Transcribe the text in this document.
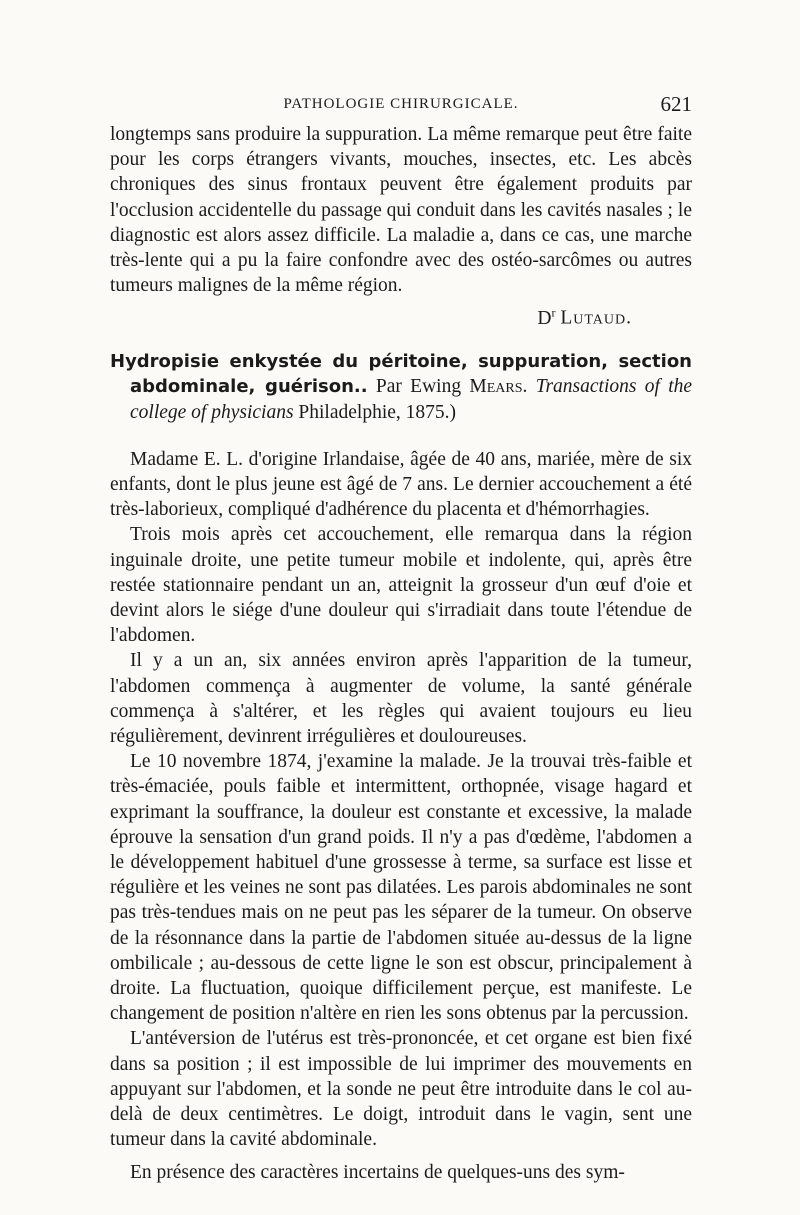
PATHOLOGIE CHIRURGICALE.	621

longtemps sans produire la suppuration. La même remarque peut être faite pour les corps étrangers vivants, mouches, insectes, etc. Les abcès chroniques des sinus frontaux peuvent être également produits par l'occlusion accidentelle du passage qui conduit dans les cavités nasales ; le diagnostic est alors assez difficile. La maladie a, dans ce cas, une marche très-lente qui a pu la faire confondre avec des ostéo-sarcômes ou autres tumeurs malignes de la même région.

$D^r$ Lutaud.

Hydropisie enkystée du péritoine, suppuration, section abdominale, guérison.. Par Ewing Mears. Transactions of the college of physicians Philadelphie, 1875.)

Madame E. L. d'origine Irlandaise, âgée de 40 ans, mariée, mère de six enfants, dont le plus jeune est âgé de 7 ans. Le dernier accouchement a été très-laborieux, compliqué d'adhérence du placenta et d'hémorrhagies.

Trois mois après cet accouchement, elle remarqua dans la région inguinale droite, une petite tumeur mobile et indolente, qui, après être restée stationnaire pendant un an, atteignit la grosseur d'un œuf d'oie et devint alors le siége d'une douleur qui s'irradiait dans toute l'étendue de l'abdomen.

Il y a un an, six années environ après l'apparition de la tumeur, l'abdomen commença à augmenter de volume, la santé générale commença à s'altérer, et les règles qui avaient toujours eu lieu régulièrement, devinrent irrégulières et douloureuses.

Le 10 novembre 1874, j'examine la malade. Je la trouvai très-faible et très-émaciée, pouls faible et intermittent, orthopnée, visage hagard et exprimant la souffrance, la douleur est constante et excessive, la malade éprouve la sensation d'un grand poids. Il n'y a pas d'œdème, l'abdomen a le développement habituel d'une grossesse à terme, sa surface est lisse et régulière et les veines ne sont pas dilatées. Les parois abdominales ne sont pas très-tendues mais on ne peut pas les séparer de la tumeur. On observe de la résonnance dans la partie de l'abdomen située au-dessus de la ligne ombilicale ; au-dessous de cette ligne le son est obscur, principalement à droite. La fluctuation, quoique difficilement perçue, est manifeste. Le changement de position n'altère en rien les sons obtenus par la percussion.

L'antéversion de l'utérus est très-prononcée, et cet organe est bien fixé dans sa position ; il est impossible de lui imprimer des mouvements en appuyant sur l'abdomen, et la sonde ne peut être introduite dans le col au-delà de deux centimètres. Le doigt, introduit dans le vagin, sent une tumeur dans la cavité abdominale.

En présence des caractères incertains de quelques-uns des sym-
